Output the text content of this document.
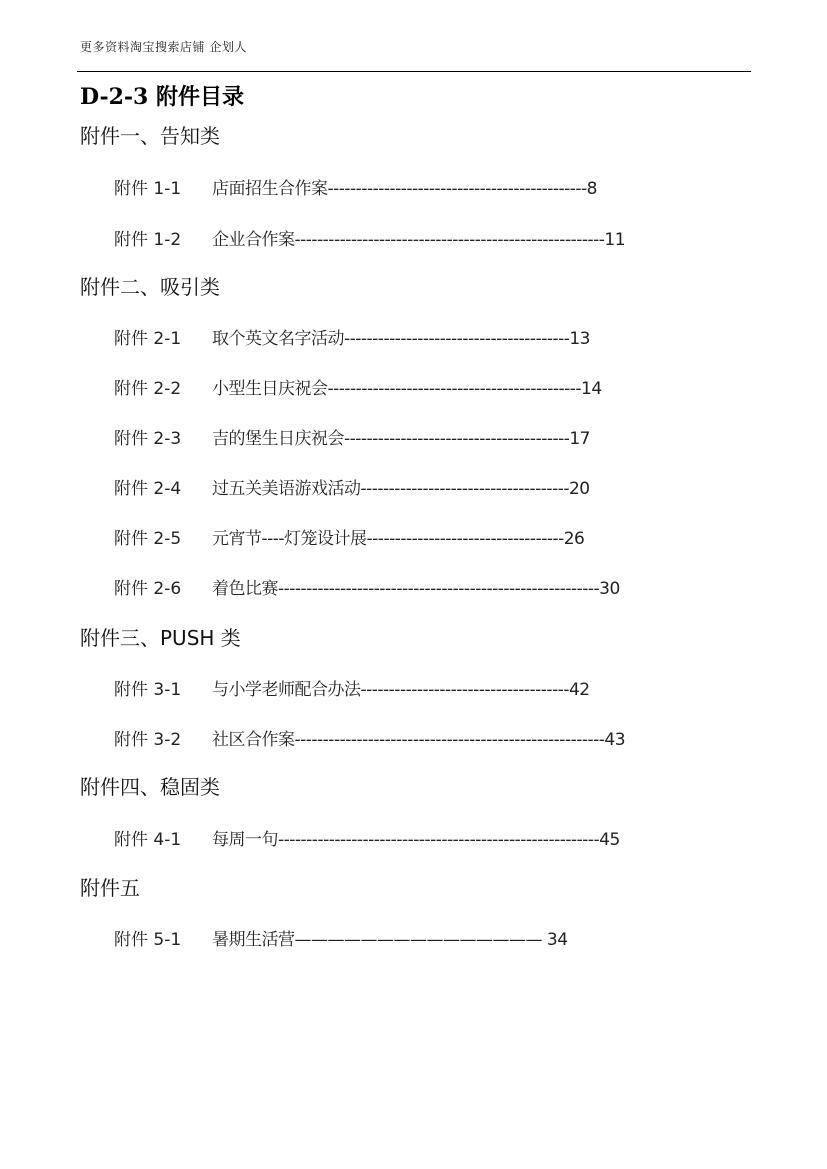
更多资料淘宝搜索店铺 企划人
D-2-3 附件目录
附件一、告知类
附件 1-1 店面招生合作案----------------------------------------------8
附件 1-2 企业合作案-------------------------------------------------------11
附件二、吸引类
附件 2-1 取个英文名字活动----------------------------------------13
附件 2-2 小型生日庆祝会---------------------------------------------14
附件 2-3 吉的堡生日庆祝会----------------------------------------17
附件 2-4 过五关美语游戏活动-------------------------------------20
附件 2-5 元宵节----灯笼设计展-----------------------------------26
附件 2-6 着色比赛---------------------------------------------------------30
附件三、PUSH 类
附件 3-1 与小学老师配合办法-------------------------------------42
附件 3-2 社区合作案-------------------------------------------------------43
附件四、稳固类
附件 4-1 每周一句---------------------------------------------------------45
附件五
附件 5-1 暑期生活营——————————————— 34
